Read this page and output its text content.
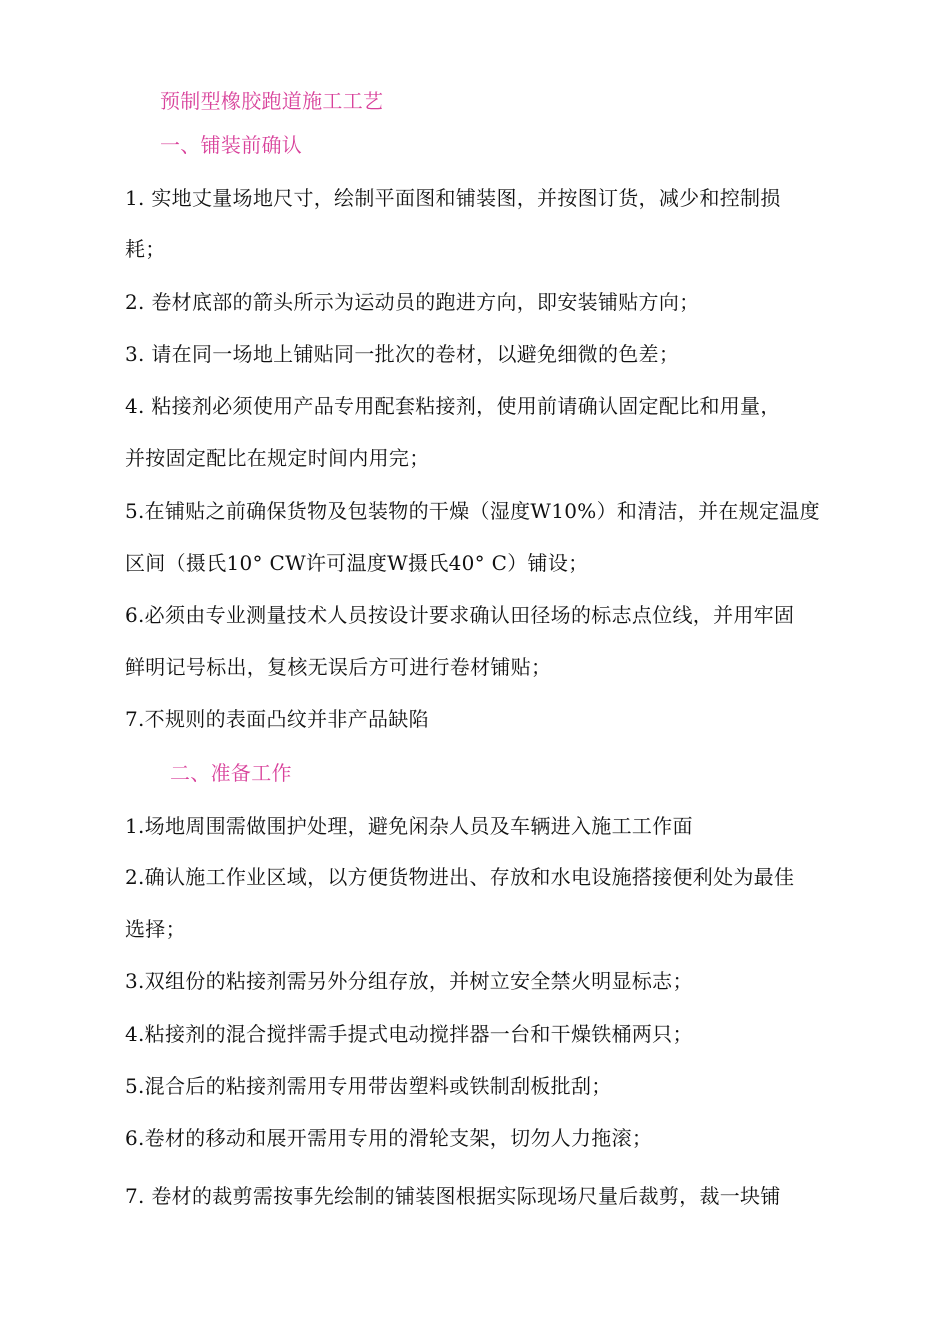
预制型橡胶跑道施工工艺
一、铺装前确认
1. 实地丈量场地尺寸，绘制平面图和铺装图，并按图订货，减少和控制损
耗；
2. 卷材底部的箭头所示为运动员的跑进方向，即安装铺贴方向；
3. 请在同一场地上铺贴同一批次的卷材，以避免细微的色差；
4. 粘接剂必须使用产品专用配套粘接剂，使用前请确认固定配比和用量，
并按固定配比在规定时间内用完；
5.在铺贴之前确保货物及包装物的干燥（湿度W10%）和清洁，并在规定温度
区间（摄氏10° CW许可温度W摄氏40° C）铺设；
6.必须由专业测量技术人员按设计要求确认田径场的标志点位线，并用牢固
鲜明记号标出，复核无误后方可进行卷材铺贴；
7.不规则的表面凸纹并非产品缺陷
二、准备工作
1.场地周围需做围护处理，避免闲杂人员及车辆进入施工工作面
2.确认施工作业区域，以方便货物进出、存放和水电设施搭接便利处为最佳
选择；
3.双组份的粘接剂需另外分组存放，并树立安全禁火明显标志；
4.粘接剂的混合搅拌需手提式电动搅拌器一台和干燥铁桶两只；
5.混合后的粘接剂需用专用带齿塑料或铁制刮板批刮；
6.卷材的移动和展开需用专用的滑轮支架，切勿人力拖滚；
7. 卷材的裁剪需按事先绘制的铺装图根据实际现场尺量后裁剪，裁一块铺
